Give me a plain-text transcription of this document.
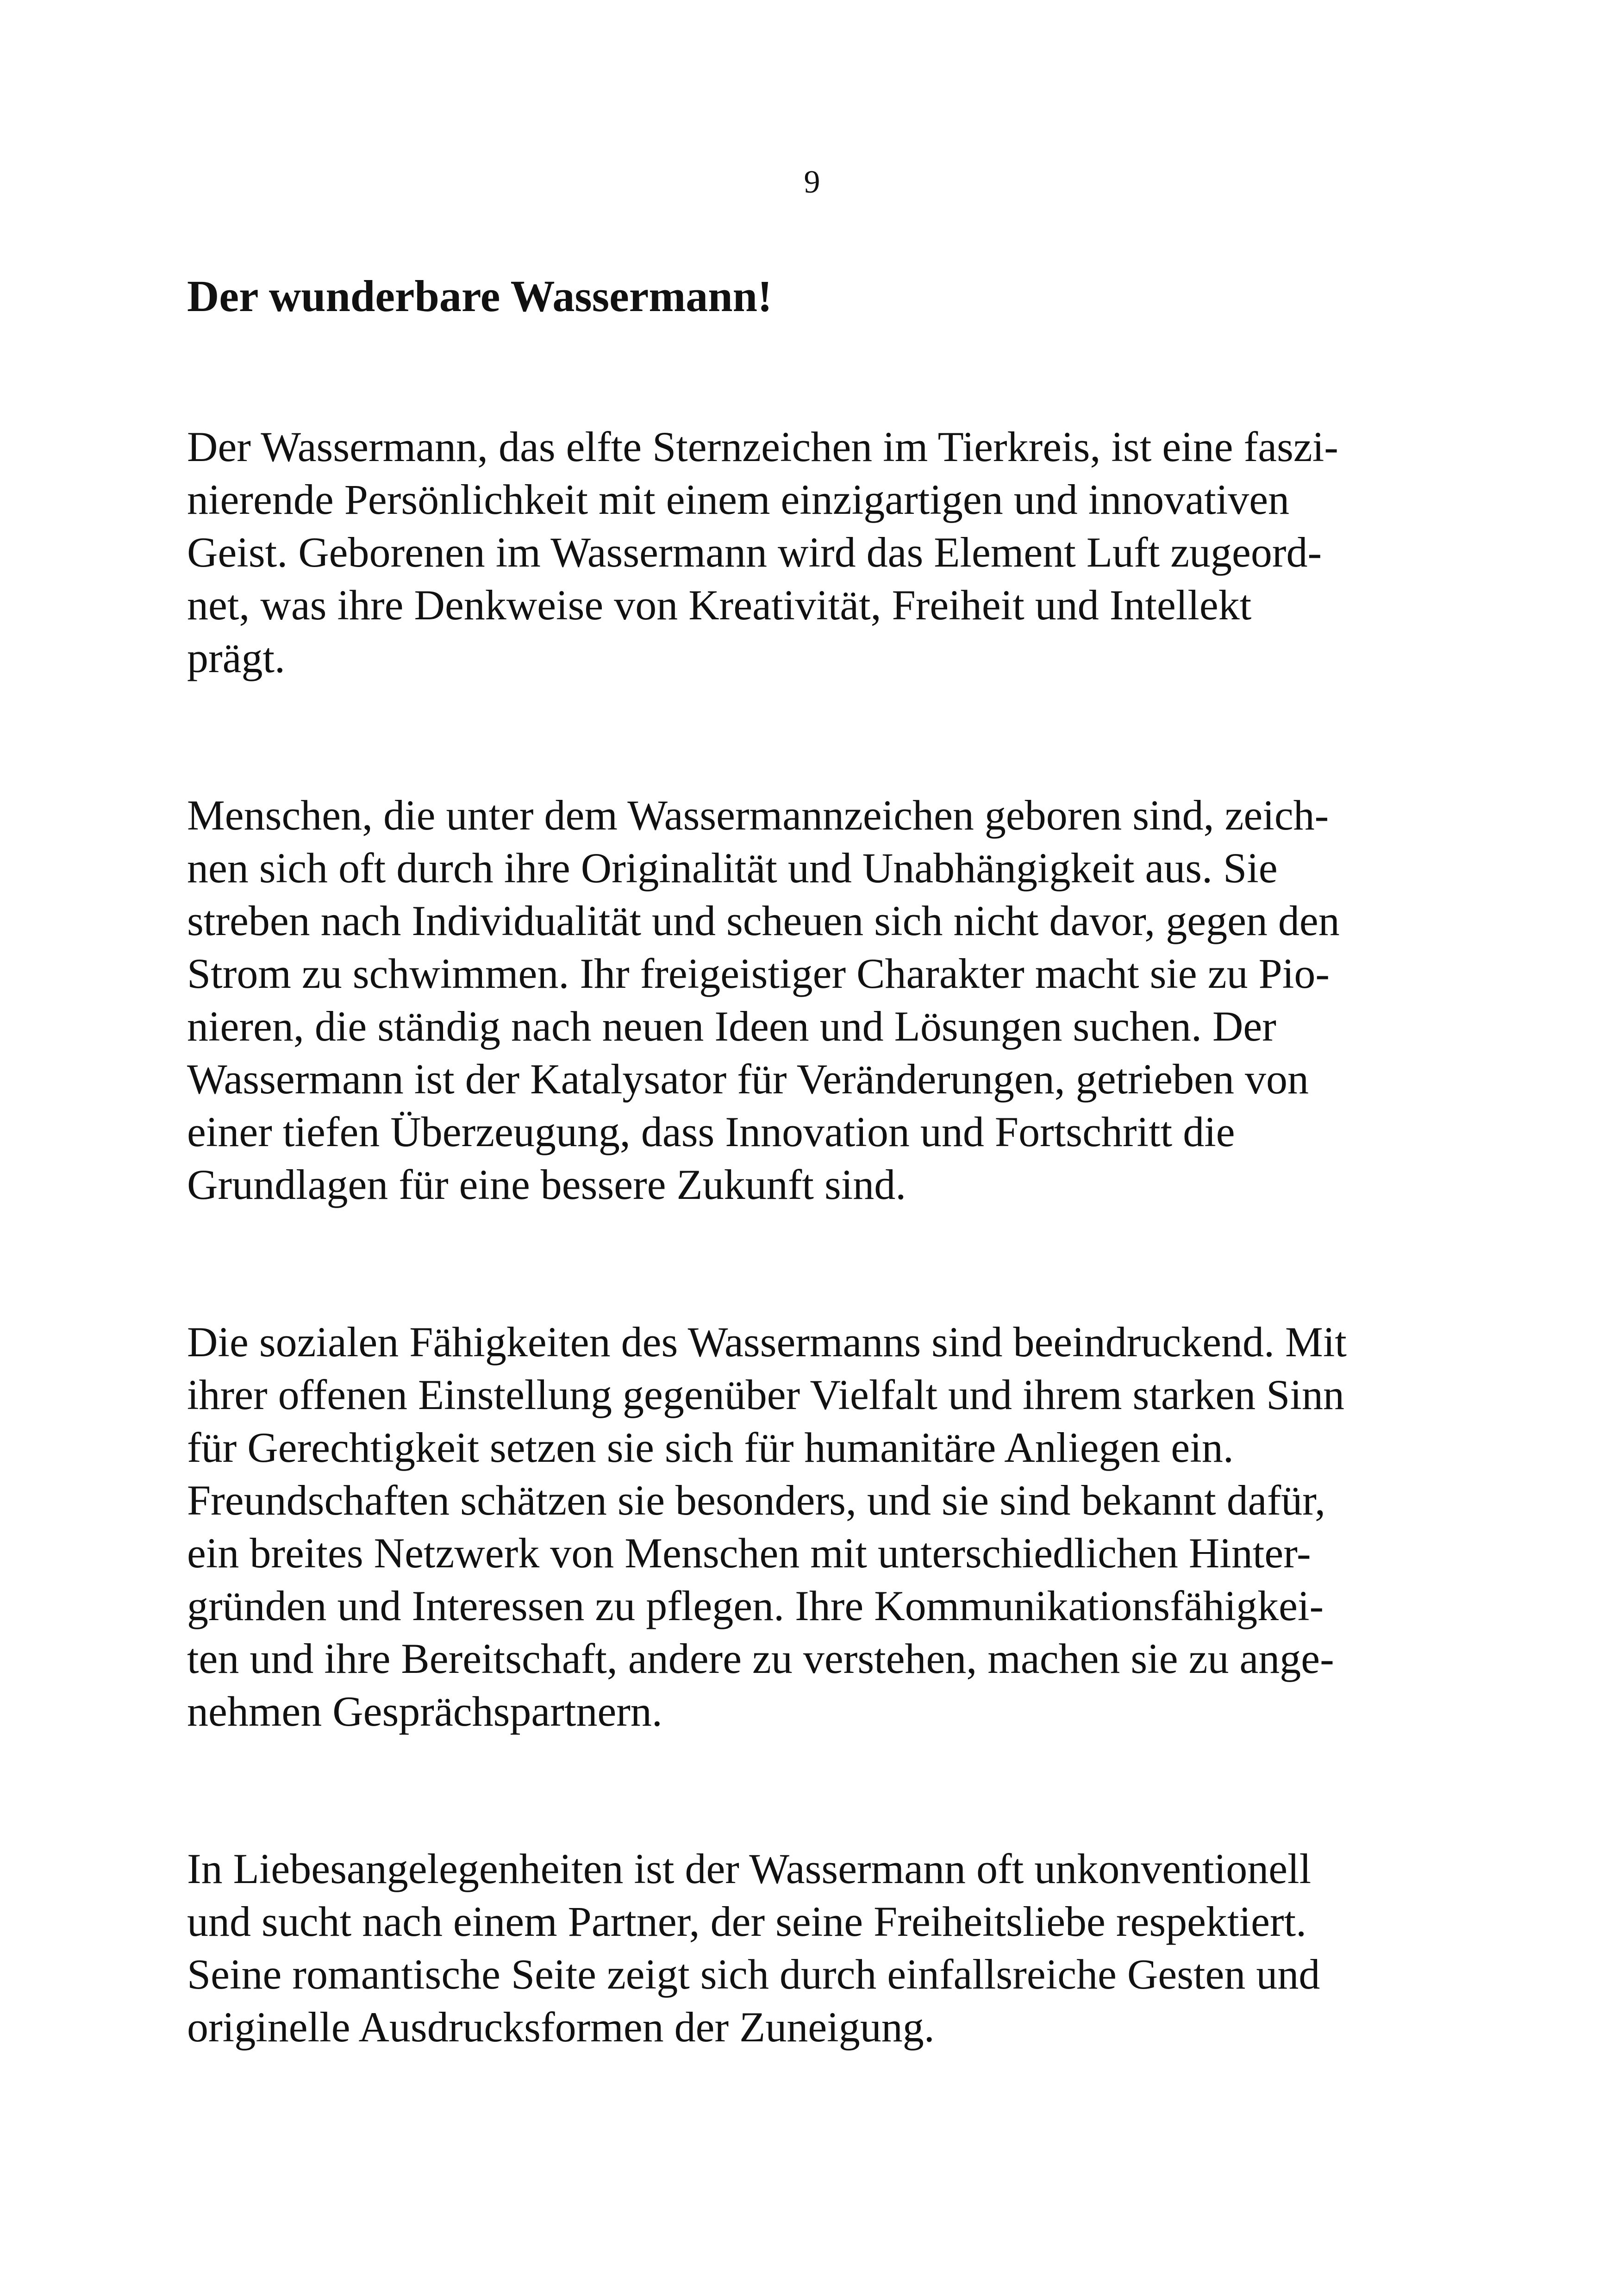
9

Der wunderbare Wassermann!

Der Wassermann, das elfte Sternzeichen im Tierkreis, ist eine faszi-
nierende Persönlichkeit mit einem einzigartigen und innovativen
Geist. Geborenen im Wassermann wird das Element Luft zugeord-
net, was ihre Denkweise von Kreativität, Freiheit und Intellekt
prägt.

Menschen, die unter dem Wassermannzeichen geboren sind, zeich-
nen sich oft durch ihre Originalität und Unabhängigkeit aus. Sie
streben nach Individualität und scheuen sich nicht davor, gegen den
Strom zu schwimmen. Ihr freigeistiger Charakter macht sie zu Pio-
nieren, die ständig nach neuen Ideen und Lösungen suchen. Der
Wassermann ist der Katalysator für Veränderungen, getrieben von
einer tiefen Überzeugung, dass Innovation und Fortschritt die
Grundlagen für eine bessere Zukunft sind.

Die sozialen Fähigkeiten des Wassermanns sind beeindruckend. Mit
ihrer offenen Einstellung gegenüber Vielfalt und ihrem starken Sinn
für Gerechtigkeit setzen sie sich für humanitäre Anliegen ein.
Freundschaften schätzen sie besonders, und sie sind bekannt dafür,
ein breites Netzwerk von Menschen mit unterschiedlichen Hinter-
gründen und Interessen zu pflegen. Ihre Kommunikationsfähigkei-
ten und ihre Bereitschaft, andere zu verstehen, machen sie zu ange-
nehmen Gesprächspartnern.

In Liebesangelegenheiten ist der Wassermann oft unkonventionell
und sucht nach einem Partner, der seine Freiheitsliebe respektiert.
Seine romantische Seite zeigt sich durch einfallsreiche Gesten und
originelle Ausdrucksformen der Zuneigung.
